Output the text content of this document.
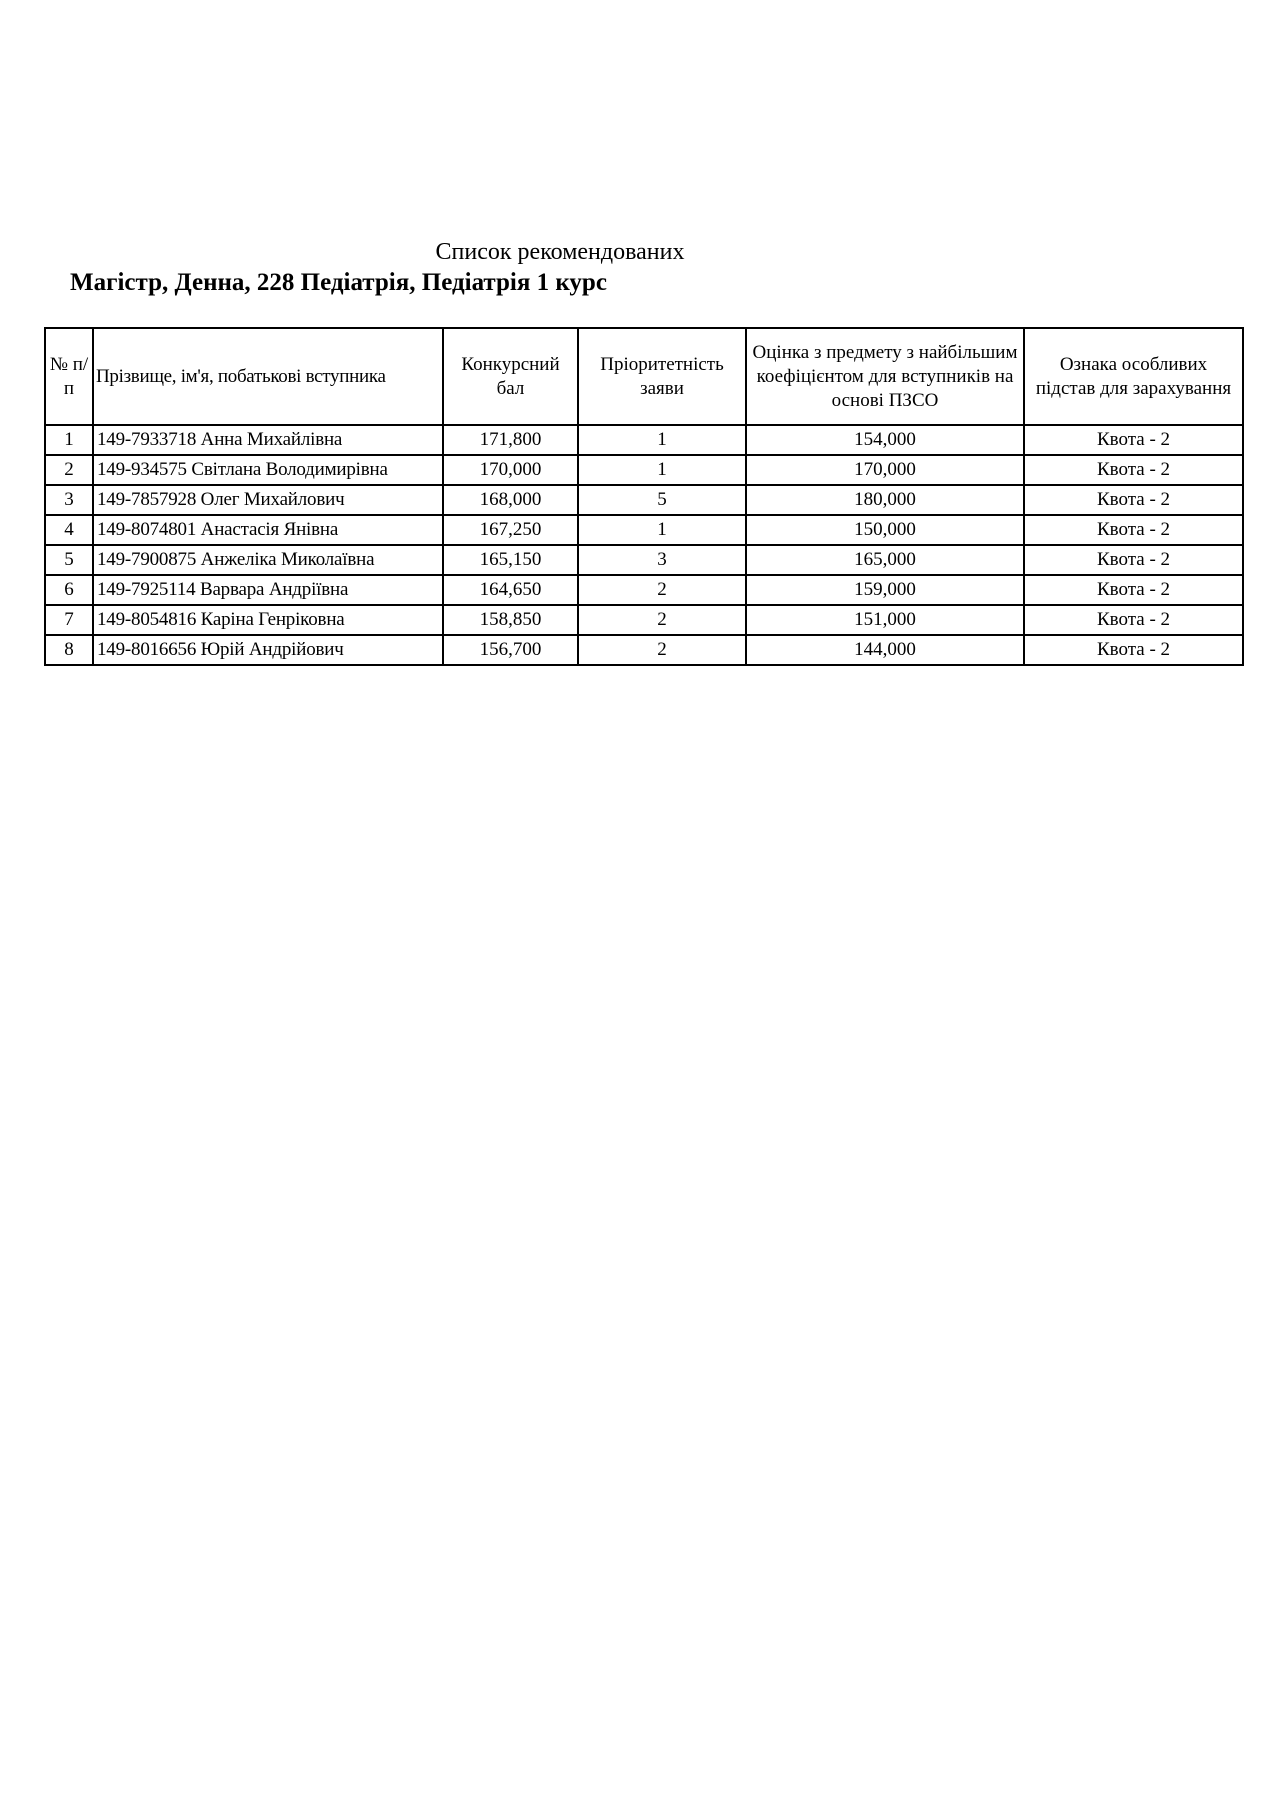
Список рекомендованих
Магістр, Денна, 228 Педіатрія, Педіатрія 1 курс
№ п/п	Прізвище, ім'я, побатькові вступника	Конкурсний бал	Пріоритетність заяви	Оцінка з предмету з найбільшим коефіцієнтом для вступників на основі ПЗСО	Ознака особливих підстав для зарахування
1	149-7933718 Анна Михайлівна	171,800	1	154,000	Квота - 2
2	149-934575 Світлана Володимирівна	170,000	1	170,000	Квота - 2
3	149-7857928 Олег Михайлович	168,000	5	180,000	Квота - 2
4	149-8074801 Анастасія Янівна	167,250	1	150,000	Квота - 2
5	149-7900875 Анжеліка Миколаївна	165,150	3	165,000	Квота - 2
6	149-7925114 Варвара Андріївна	164,650	2	159,000	Квота - 2
7	149-8054816 Каріна Генріковна	158,850	2	151,000	Квота - 2
8	149-8016656 Юрій Андрійович	156,700	2	144,000	Квота - 2
